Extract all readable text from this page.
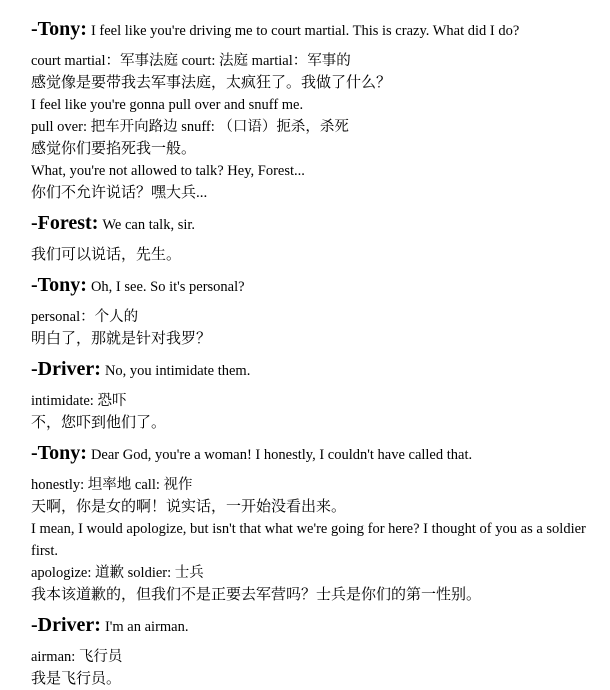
-Tony: I feel like you're driving me to court martial. This is crazy. What did I do?

court martial：军事法庭 court: 法庭 martial：军事的

感觉像是要带我去军事法庭，太疯狂了。我做了什么？

I feel like you're gonna pull over and snuff me.

pull over: 把车开向路边 snuff: （口语）扼杀，杀死

感觉你们要掐死我一般。

What, you're not allowed to talk? Hey, Forest...

你们不允许说话？嘿大兵...

-Forest: We can talk, sir.

我们可以说话，先生。

-Tony: Oh, I see. So it's personal?

personal：个人的

明白了，那就是针对我罗？

-Driver: No, you intimidate them.

intimidate: 恐吓

不，您吓到他们了。

-Tony: Dear God, you're a woman! I honestly, I couldn't have called that.

honestly: 坦率地 call: 视作

天啊，你是女的啊！说实话，一开始没看出来。

I mean, I would apologize, but isn't that what we're going for here? I thought of you as a soldier first.

apologize: 道歉 soldier: 士兵

我本该道歉的，但我们不是正要去军营吗？士兵是你们的第一性别。

-Driver: I'm an airman.

airman: 飞行员

我是飞行员。
